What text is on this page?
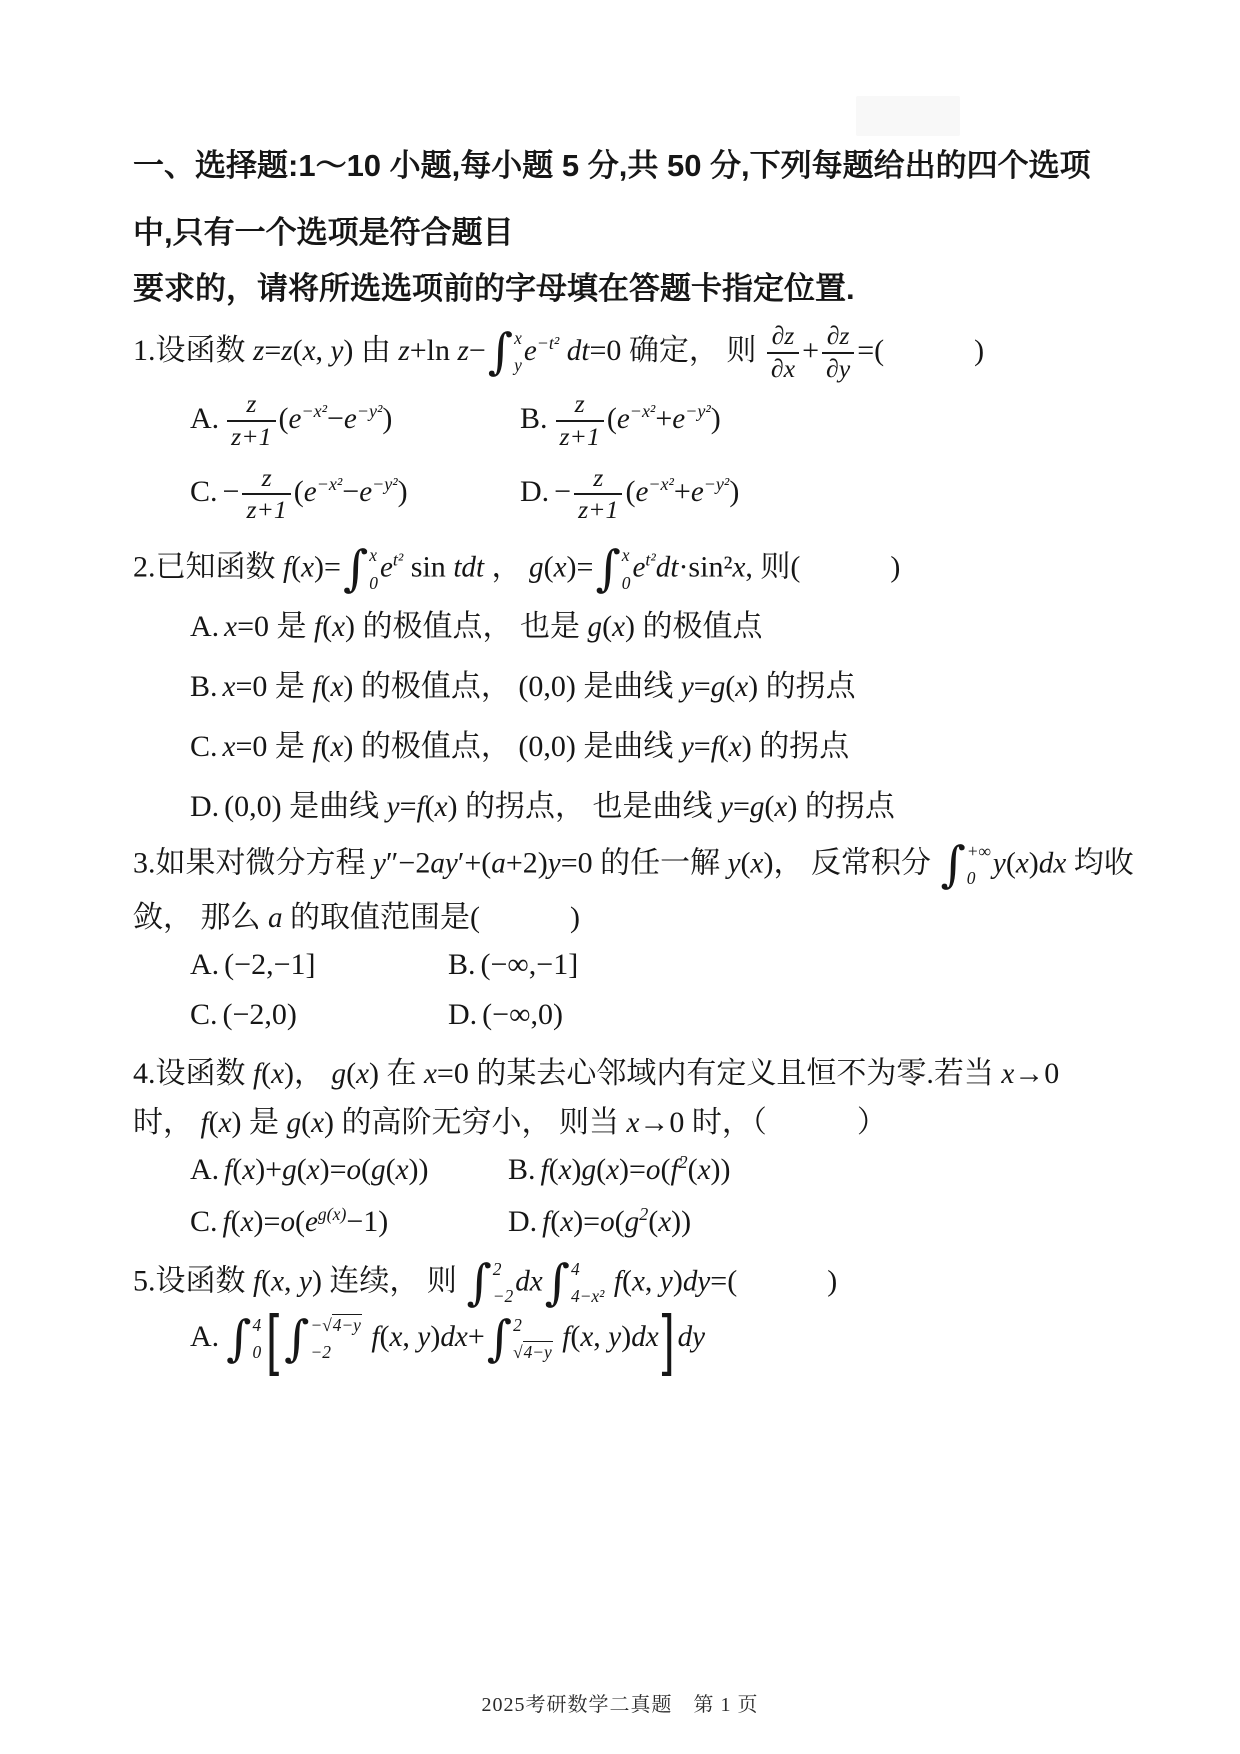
一、选择题:1～10 小题,每小题 5 分,共 50 分,下列每题给出的四个选项
中,只有一个选项是符合题目
要求的，请将所选选项前的字母填在答题卡指定位置.
1.设函数 z=z(x, y) 由 z+ln z− ∫ x
y $e^{-t^2}$ dt=0 确定， 则 $\frac{\partial z}{\partial x} + \frac{\partial z}{\partial y}$ =(　　　)
A. $\frac{z}{z+1} (e^{-x^2}-e^{-y^2})$	B. $\frac{z}{z+1} (e^{-x^2}+e^{-y^2})$
C. − $\frac{z}{z+1} (e^{-x^2}-e^{-y^2})$	D. − $\frac{z}{z+1} (e^{-x^2}+e^{-y^2})$
2.已知函数 f(x)= ∫ x
0 $e^{t^2}$ sin tdt ， g(x)= ∫ x
0 $e^{t^2}dt\cdot\sin^2x$, 则(　　　)
A. x=0 是 f(x) 的极值点， 也是 g(x) 的极值点
B. x=0 是 f(x) 的极值点， (0,0) 是曲线 y=g(x) 的拐点
C. x=0 是 f(x) 的极值点， (0,0) 是曲线 y=f(x) 的拐点
D. (0,0) 是曲线 y=f(x) 的拐点， 也是曲线 y=g(x) 的拐点
3.如果对微分方程 y″−2ay′+(a+2)y=0 的任一解 y(x)， 反常积分 ∫ +∞
0 y(x)dx 均收
敛， 那么 a 的取值范围是(　　　)
A. (−2,−1]	B. (−∞,−1]
C. (−2,0)	D. (−∞,0)
4.设函数 f(x)， g(x) 在 x=0 的某去心邻域内有定义且恒不为零.若当 x→0
时， f(x) 是 g(x) 的高阶无穷小， 则当 x→0 时，（　　　）
A. f(x)+g(x)=o(g(x))	B. $f(x)g(x)=o(f^2(x))$
C. $f(x)=o(e^{g(x)}-1)$	D. $f(x)=o(g^2(x))$
5.设函数 f(x, y) 连续， 则 ∫ 2
−2 dx ∫ 4
4−x² f(x, y)dy=(　　　)
A. ∫ 4
0 [ ∫ −√4−y
−2	f(x, y)dx+ ∫ 2
√4−y f(x, y)dx] dy
2025考研数学二真题　第 1 页
